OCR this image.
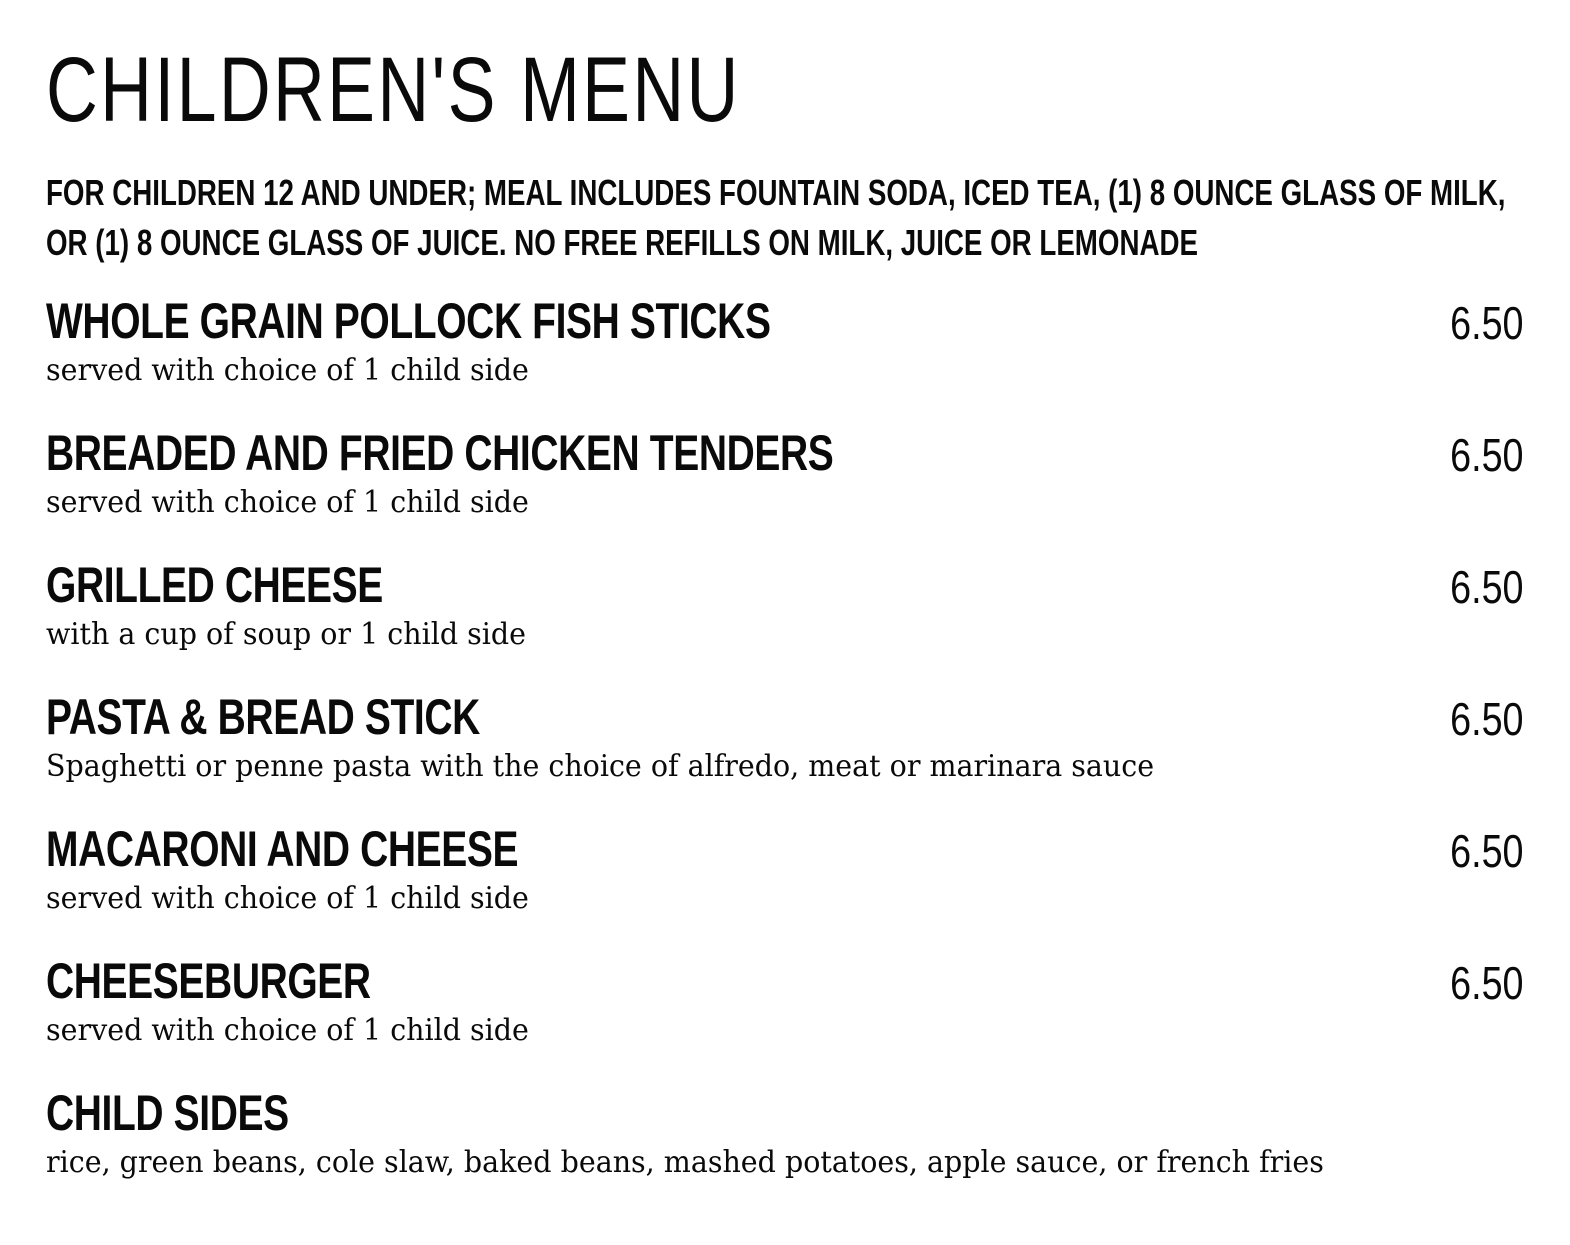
CHILDREN'S MENU
FOR CHILDREN 12 AND UNDER; MEAL INCLUDES FOUNTAIN SODA, ICED TEA, (1) 8 OUNCE GLASS OF MILK, OR (1) 8 OUNCE GLASS OF JUICE. NO FREE REFILLS ON MILK, JUICE OR LEMONADE
WHOLE GRAIN POLLOCK FISH STICKS	6.50
served with choice of 1 child side
BREADED AND FRIED CHICKEN TENDERS	6.50
served with choice of 1 child side
GRILLED CHEESE	6.50
with a cup of soup or 1 child side
PASTA & BREAD STICK	6.50
Spaghetti or penne pasta with the choice of alfredo, meat or marinara sauce
MACARONI AND CHEESE	6.50
served with choice of 1 child side
CHEESEBURGER	6.50
served with choice of 1 child side
CHILD SIDES
rice, green beans, cole slaw, baked beans, mashed potatoes, apple sauce, or french fries
